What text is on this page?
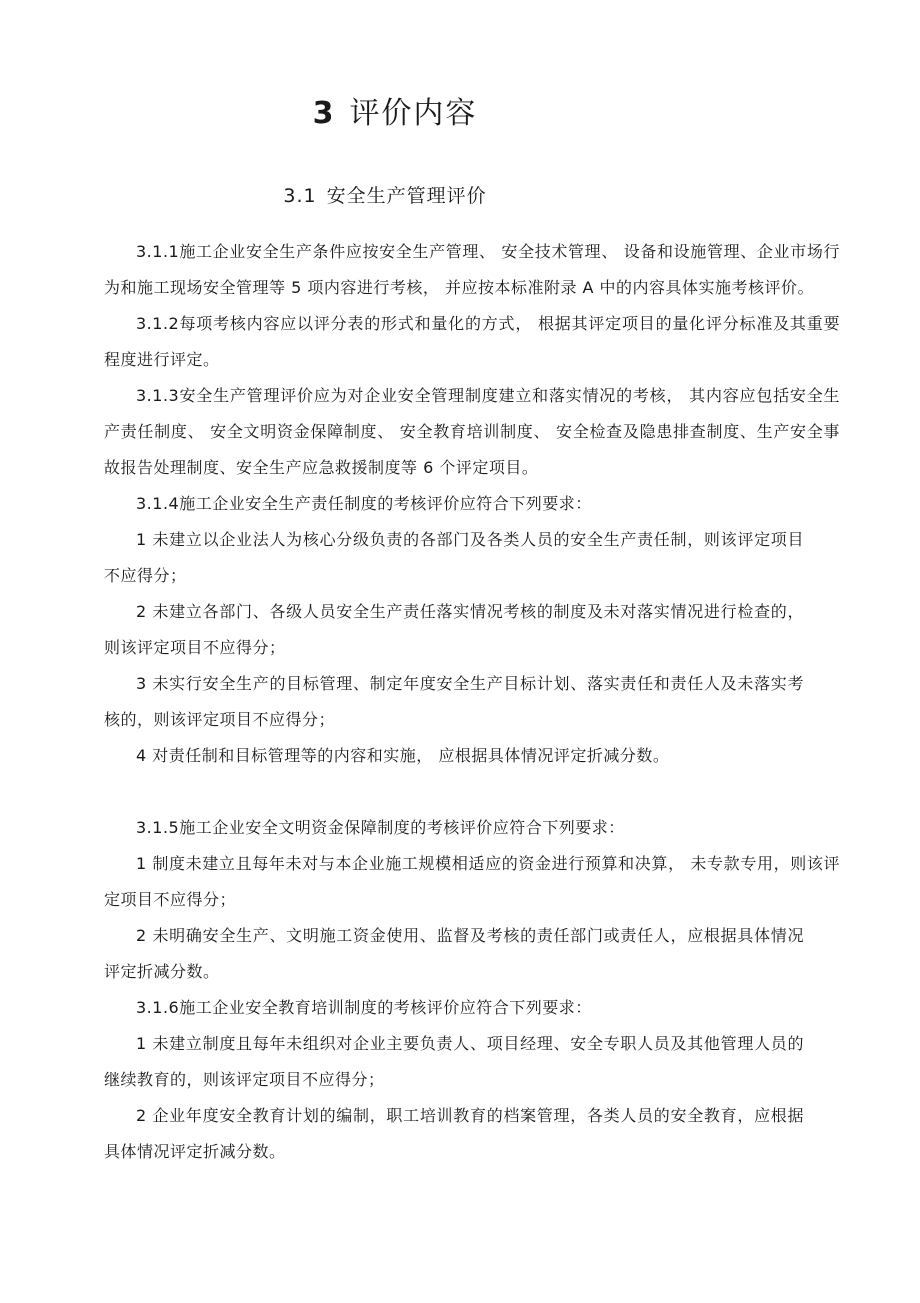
3 评价内容
3.1 安全生产管理评价

3.1.1施工企业安全生产条件应按安全生产管理、 安全技术管理、 设备和设施管理、企业市场行为和施工现场安全管理等 5 项内容进行考核， 并应按本标准附录 A 中的内容具体实施考核评价。

3.1.2每项考核内容应以评分表的形式和量化的方式， 根据其评定项目的量化评分标准及其重要程度进行评定。

3.1.3安全生产管理评价应为对企业安全管理制度建立和落实情况的考核， 其内容应包括安全生产责任制度、 安全文明资金保障制度、 安全教育培训制度、 安全检查及隐患排查制度、生产安全事故报告处理制度、安全生产应急救援制度等 6 个评定项目。

3.1.4施工企业安全生产责任制度的考核评价应符合下列要求：

1 未建立以企业法人为核心分级负责的各部门及各类人员的安全生产责任制，则该评定项目不应得分；

2 未建立各部门、各级人员安全生产责任落实情况考核的制度及未对落实情况进行检查的，则该评定项目不应得分；

3 未实行安全生产的目标管理、制定年度安全生产目标计划、落实责任和责任人及未落实考核的，则该评定项目不应得分；

4 对责任制和目标管理等的内容和实施， 应根据具体情况评定折减分数。

3.1.5施工企业安全文明资金保障制度的考核评价应符合下列要求：

1 制度未建立且每年未对与本企业施工规模相适应的资金进行预算和决算， 未专款专用，则该评定项目不应得分；

2 未明确安全生产、文明施工资金使用、监督及考核的责任部门或责任人，应根据具体情况评定折减分数。

3.1.6施工企业安全教育培训制度的考核评价应符合下列要求：

1 未建立制度且每年未组织对企业主要负责人、项目经理、安全专职人员及其他管理人员的继续教育的，则该评定项目不应得分；

2 企业年度安全教育计划的编制，职工培训教育的档案管理，各类人员的安全教育，应根据具体情况评定折减分数。
